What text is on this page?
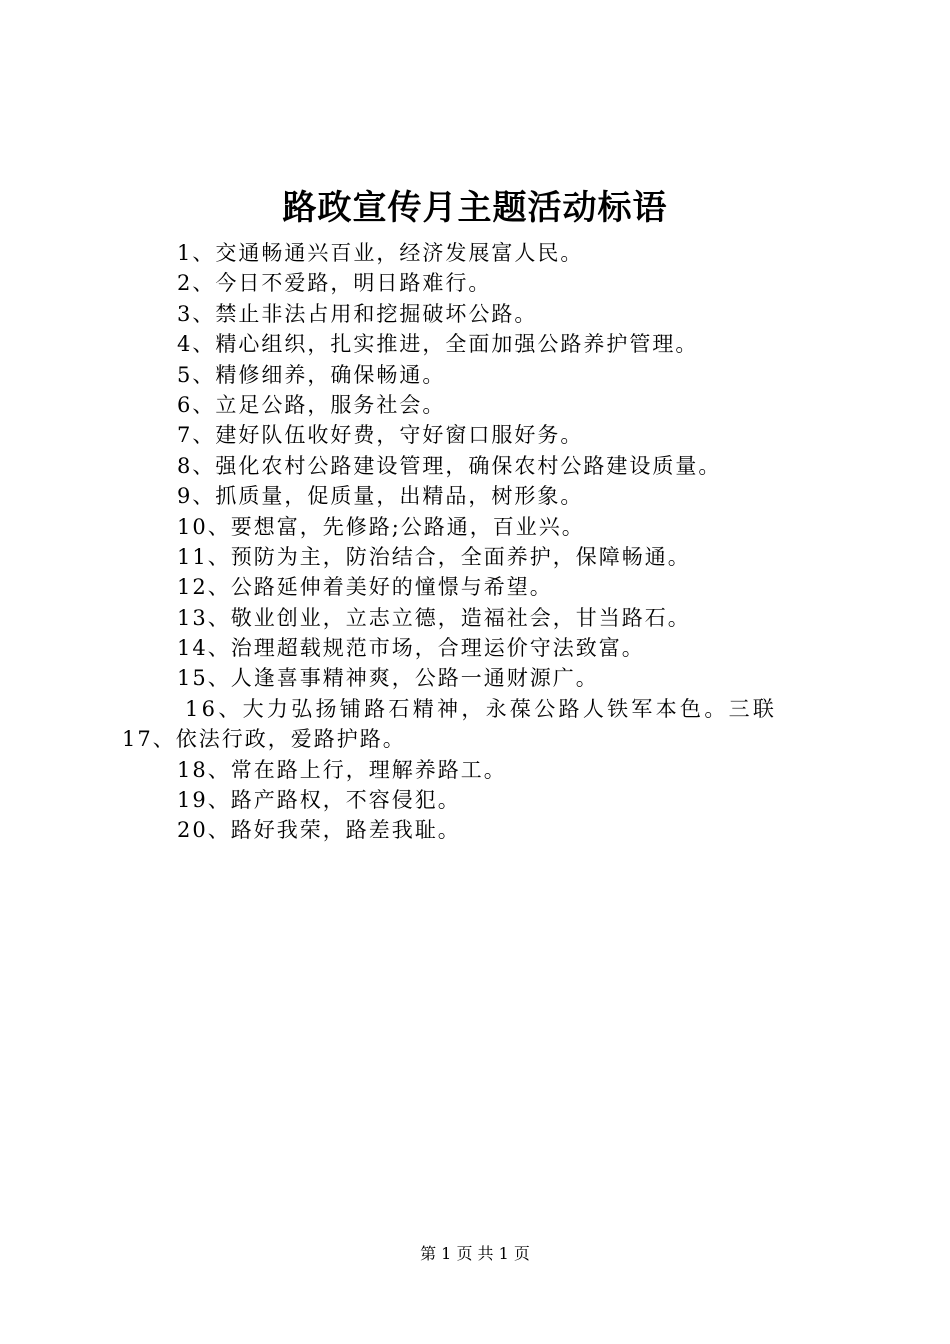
路政宣传月主题活动标语
1、交通畅通兴百业，经济发展富人民。
2、今日不爱路，明日路难行。
3、禁止非法占用和挖掘破坏公路。
4、精心组织，扎实推进，全面加强公路养护管理。
5、精修细养，确保畅通。
6、立足公路，服务社会。
7、建好队伍收好费，守好窗口服好务。
8、强化农村公路建设管理，确保农村公路建设质量。
9、抓质量，促质量，出精品，树形象。
10、要想富，先修路;公路通，百业兴。
11、预防为主，防治结合，全面养护，保障畅通。
12、公路延伸着美好的憧憬与希望。
13、敬业创业，立志立德，造福社会，甘当路石。
14、治理超载规范市场，合理运价守法致富。
15、人逢喜事精神爽，公路一通财源广。
16、大力弘扬铺路石精神，永葆公路人铁军本色。三联
17、依法行政，爱路护路。
18、常在路上行，理解养路工。
19、路产路权，不容侵犯。
20、路好我荣，路差我耻。
第 1 页 共 1 页
